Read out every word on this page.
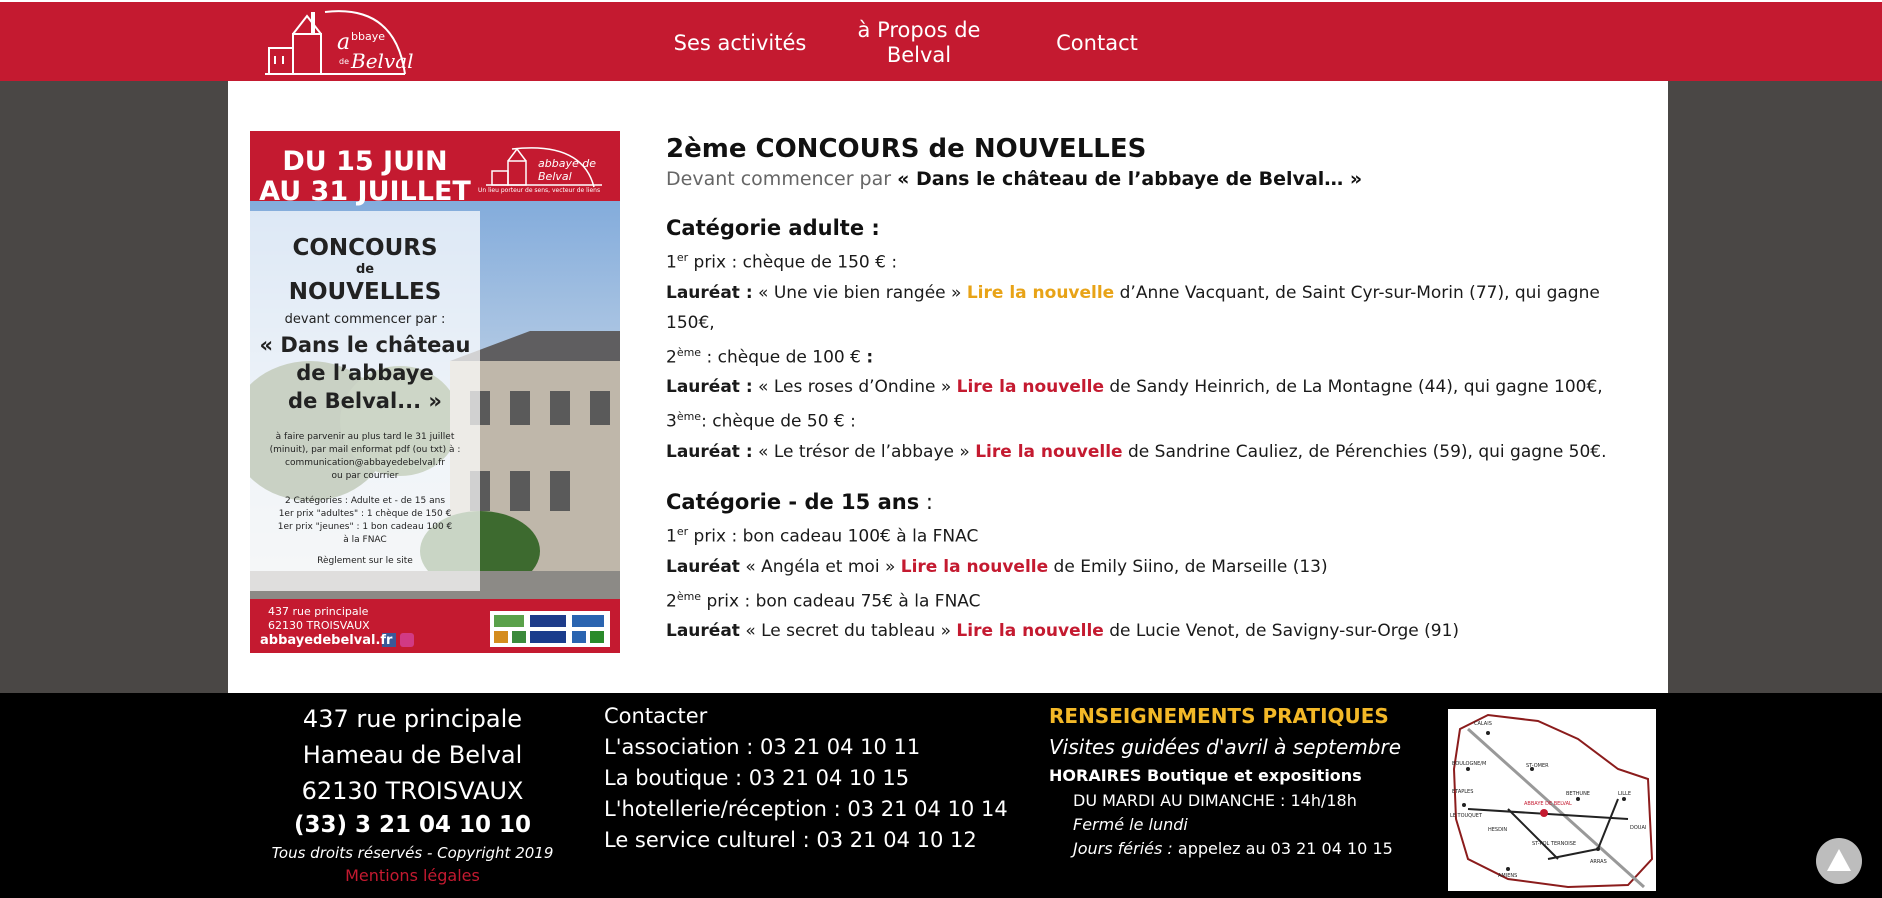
a bbaye
de Belval
Ses activités
à Propos de
Belval	Contact
DU 15 JUIN
AU 31 JUILLET
abbaye de Belval
Un lieu porteur de sens, vecteur de liens
CONCOURS
de
NOUVELLES
devant commencer par :
« Dans le château
de l’abbaye
de Belval... »
à faire parvenir au plus tard le 31 juillet
(minuit), par mail enformat pdf (ou txt) à :
communication@abbayedebelval.fr
ou par courrier
2 Catégories : Adulte et - de 15 ans
1er prix "adultes" : 1 chèque de 150 €
1er prix "jeunes" : 1 bon cadeau 100 €
à la FNAC
Règlement sur le site
437 rue principale
62130 TROISVAUX
abbayedebelval.fr
2ème CONCOURS de NOUVELLES
Devant commencer par « Dans le château de l’abbaye de Belval… »
Catégorie adulte :
1er prix : chèque de 150 € :
Lauréat : « Une vie bien rangée » Lire la nouvelle d’Anne Vacquant, de Saint Cyr-sur-Morin (77), qui gagne 150€,
2ème : chèque de 100 € :
Lauréat : « Les roses d’Ondine » Lire la nouvelle de Sandy Heinrich, de La Montagne (44), qui gagne 100€,
3ème: chèque de 50 € :
Lauréat : « Le trésor de l’abbaye » Lire la nouvelle de Sandrine Cauliez, de Pérenchies (59), qui gagne 50€.
Catégorie - de 15 ans :
1er prix : bon cadeau 100€ à la FNAC
Lauréat « Angéla et moi » Lire la nouvelle de Emily Siino, de Marseille (13)
2ème prix : bon cadeau 75€ à la FNAC
Lauréat « Le secret du tableau » Lire la nouvelle de Lucie Venot, de Savigny-sur-Orge (91)
437 rue principale
Hameau de Belval
62130 TROISVAUX
(33) 3 21 04 10 10
Tous droits réservés - Copyright 2019
Mentions légales
Contacter
L'association : 03 21 04 10 11
La boutique : 03 21 04 10 15
L'hotellerie/réception : 03 21 04 10 14
Le service culturel : 03 21 04 10 12
RENSEIGNEMENTS PRATIQUES
Visites guidées d'avril à septembre
HORAIRES Boutique et expositions
DU MARDI AU DIMANCHE : 14h/18h
Fermé le lundi
Jours fériés : appelez au 03 21 04 10 15
CALAIS
BOULOGNE/M	ST-OMER
ETAPLES
LE TOUQUET
BETHUNE	LILLE
ABBAYE DE BELVAL
DOUAI
AMIENS
ARRAS
HESDIN
ST-POL TERNOISE
